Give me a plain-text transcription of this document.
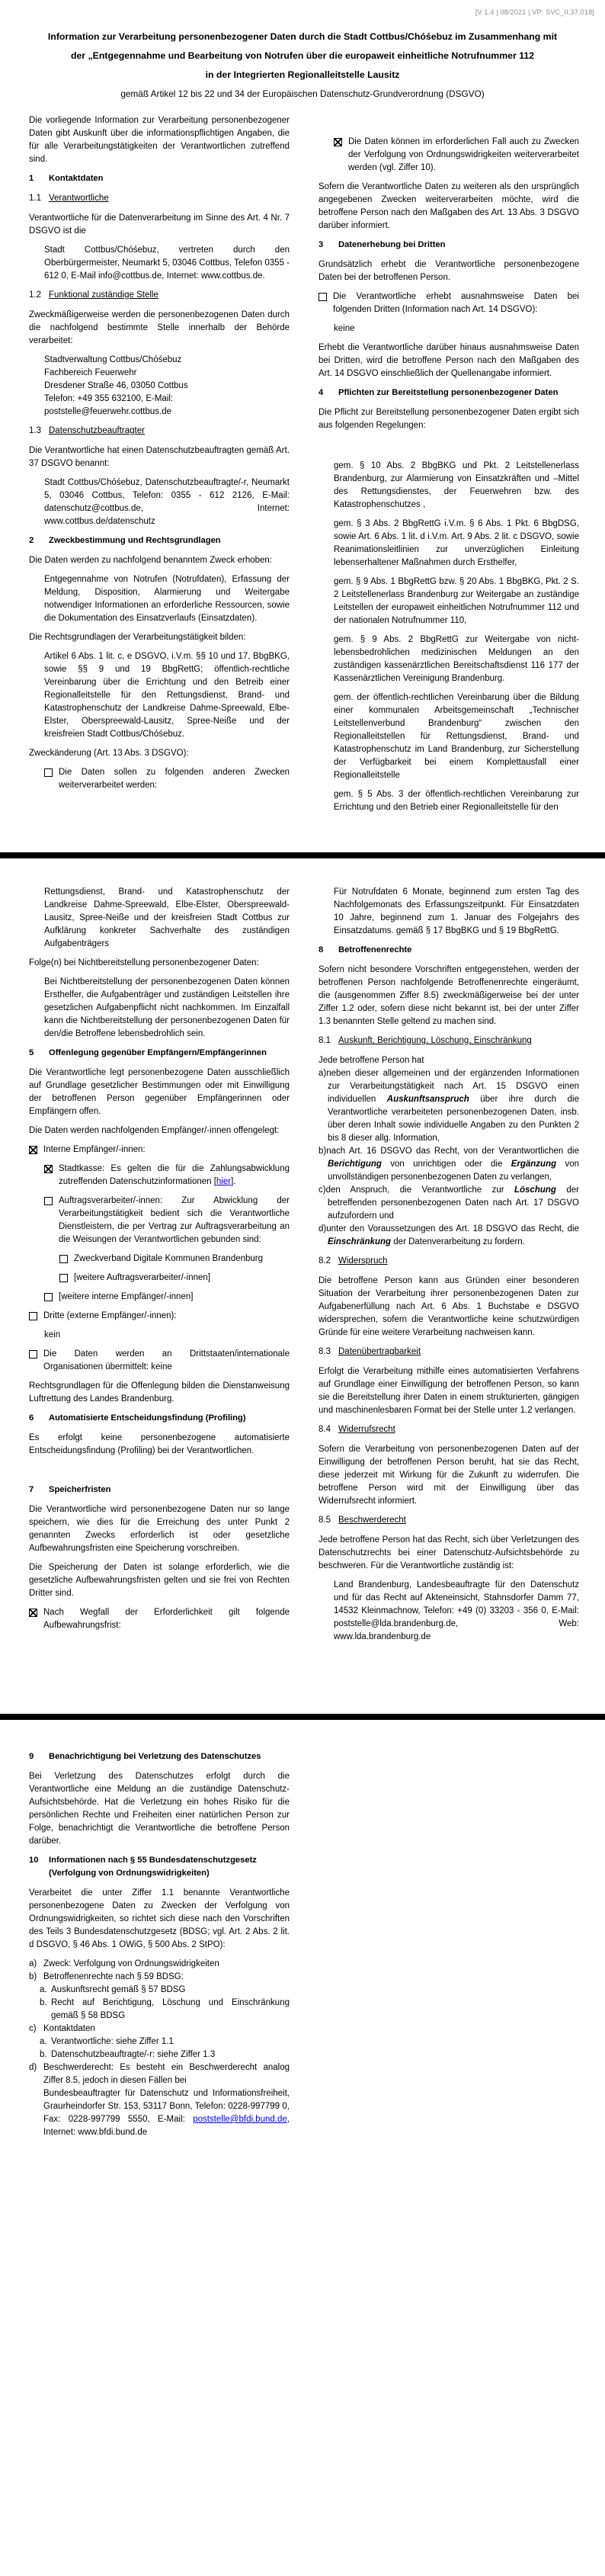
[V 1.4 | 08/2021 | VP: SVC_II.37.018]
Information zur Verarbeitung personenbezogener Daten durch die Stadt Cottbus/Chóśebuz im Zusammenhang mit
der „Entgegennahme und Bearbeitung von Notrufen über die europaweit einheitliche Notrufnummer 112
in der Integrierten Regionalleitstelle Lausitz
gemäß Artikel 12 bis 22 und 34 der Europäischen Datenschutz-Grundverordnung (DSGVO)

Die vorliegende Information zur Verarbeitung personenbezogener Daten gibt Auskunft über die informationspflichtigen Angaben, die für alle Verarbeitungstätigkeiten der Verantwortlichen zutreffend sind.

1	Kontaktdaten
1.1 Verantwortliche

Verantwortliche für die Datenverarbeitung im Sinne des Art. 4 Nr. 7 DSGVO ist die

Stadt Cottbus/Chóśebuz, vertreten durch den Oberbürgermeister, Neumarkt 5, 03046 Cottbus, Telefon 0355 - 612 0, E-Mail info@cottbus.de, Internet: www.cottbus.de.

1.2 Funktional zuständige Stelle

Zweckmäßigerweise werden die personenbezogenen Daten durch die nachfolgend bestimmte Stelle innerhalb der Behörde verarbeitet:

Stadtverwaltung Cottbus/Chóśebuz
Fachbereich Feuerwehr
Dresdener Straße 46, 03050 Cottbus
Telefon: +49 355 632100, E-Mail: poststelle@feuerwehr.cottbus.de
1.3 Datenschutzbeauftragter

Die Verantwortliche hat einen Datenschutzbeauftragten gemäß Art. 37 DSGVO benannt:

Stadt Cottbus/Chóśebuz, Datenschutzbeauftragte/-r, Neumarkt 5, 03046 Cottbus, Telefon: 0355 - 612 2126, E-Mail: datenschutz@cottbus.de, Internet: www.cottbus.de/datenschutz

2	Zweckbestimmung und Rechtsgrundlagen

Die Daten werden zu nachfolgend benanntem Zweck erhoben:

Entgegennahme von Notrufen (Notrufdaten), Erfassung der Meldung, Disposition, Alarmierung und Weitergabe notwendiger Informationen an erforderliche Ressourcen, sowie die Dokumentation des Einsatzverlaufs (Einsatzdaten).

Die Rechtsgrundlagen der Verarbeitungstätigkeit bilden:

Artikel 6 Abs. 1 lit. c, e DSGVO, i.V.m. §§ 10 und 17, BbgBKG, sowie §§ 9 und 19 BbgRettG; öffentlich-rechtliche Vereinbarung über die Errichtung und den Betreib einer Regionalleitstelle für den Rettungsdienst, Brand- und Katastrophenschutz der Landkreise Dahme-Spreewald, Elbe-Elster, Oberspreewald-Lausitz, Spree-Neiße und der kreisfreien Stadt Cottbus/Chóśebuz.

Zweckänderung (Art. 13 Abs. 3 DSGVO):

Die Daten sollen zu folgenden anderen Zwecken weiterverarbeitet werden:
Die Daten können im erforderlichen Fall auch zu Zwecken der Verfolgung von Ordnungswidrigkeiten weiterverarbeitet werden (vgl. Ziffer 10).

Sofern die Verantwortliche Daten zu weiteren als den ursprünglich angegebenen Zwecken weiterverarbeiten möchte, wird die betroffene Person nach den Maßgaben des Art. 13 Abs. 3 DSGVO darüber informiert.

3	Datenerhebung bei Dritten

Grundsätzlich erhebt die Verantwortliche personenbezogene Daten bei der betroffenen Person.

Die Verantwortliche erhebt ausnahmsweise Daten bei folgenden Dritten (Information nach Art. 14 DSGVO):

keine

Erhebt die Verantwortliche darüber hinaus ausnahmsweise Daten bei Dritten, wird die betroffene Person nach den Maßgaben des Art. 14 DSGVO einschließlich der Quellenangabe informiert.

4	Pflichten zur Bereitstellung personenbezogener Daten

Die Pflicht zur Bereitstellung personenbezogener Daten ergibt sich aus folgenden Regelungen:

gem. § 10 Abs. 2 BbgBKG und Pkt. 2 Leitstellenerlass Brandenburg, zur Alarmierung von Einsatzkräften und –Mittel des Rettungsdienstes, der Feuerwehren bzw. des Katastrophenschutzes ,

gem. § 3 Abs. 2 BbgRettG i.V.m. § 6 Abs. 1 Pkt. 6 BbgDSG, sowie Art. 6 Abs. 1 lit. d i.V.m. Art. 9 Abs. 2 lit. c DSGVO, sowie Reanimationsleitlinien zur unverzüglichen Einleitung lebenserhaltener Maßnahmen durch Ersthelfer,

gem. § 9 Abs. 1 BbgRettG bzw. § 20 Abs. 1 BbgBKG, Pkt. 2 S. 2 Leitstellenerlass Brandenburg zur Weitergabe an zuständige Leitstellen der europaweit einheitlichen Notrufnummer 112 und der nationalen Notrufnummer 110,

gem. § 9 Abs. 2 BbgRettG zur Weitergabe von nicht-lebensbedrohlichen medizinischen Meldungen an den zuständigen kassenärztlichen Bereitschaftsdienst 116 177 der Kassenärztlichen Vereinigung Brandenburg.

gem. der öffentlich-rechtlichen Vereinbarung über die Bildung einer kommunalen Arbeitsgemeinschaft „Technischer Leitstellenverbund Brandenburg“ zwischen den Regionalleitstellen für Rettungsdienst, Brand- und Katastrophenschutz im Land Brandenburg, zur Sicherstellung der Verfügbarkeit bei einem Komplettausfall einer Regionalleitstelle

gem. § 5 Abs. 3 der öffentlich-rechtlichen Vereinbarung zur Errichtung und den Betrieb einer Regionalleitstelle für den

Rettungsdienst, Brand- und Katastrophenschutz der Landkreise Dahme-Spreewald, Elbe-Elster, Oberspreewald-Lausitz, Spree-Neiße und der kreisfreien Stadt Cottbus zur Aufklärung konkreter Sachverhalte des zuständigen Aufgabenträgers

Folge(n) bei Nichtbereitstellung personenbezogener Daten:

Bei Nichtbereitstellung der personenbezogenen Daten können Ersthelfer, die Aufgabenträger und zuständigen Leitstellen ihre gesetzlichen Aufgabenpflicht nicht nachkommen. Im Einzalfall kann die Nichtbereitstellung der personenbezogenen Daten für den/die Betroffene lebensbedrohlich sein.

5	Offenlegung gegenüber Empfängern/Empfängerinnen

Die Verantwortliche legt personenbezogene Daten ausschließlich auf Grundlage gesetzlicher Bestimmungen oder mit Einwilligung der betroffenen Person gegenüber Empfängerinnen oder Empfängern offen.

Die Daten werden nachfolgenden Empfänger/-innen offengelegt:

Interne Empfänger/-innen:
Stadtkasse: Es gelten die für die Zahlungsabwicklung zutreffenden Datenschutzinformationen [hier].
Auftragsverarbeiter/-innen: Zur Abwicklung der Verarbeitungstätigkeit bedient sich die Verantwortliche Dienstleistern, die per Vertrag zur Auftragsverarbeitung an die Weisungen der Verantwortlichen gebunden sind:
Zweckverband Digitale Kommunen Brandenburg
[weitere Auftragsverarbeiter/-innen]
[weitere interne Empfänger/-innen]
Dritte (externe Empfänger/-innen):

kein

Die Daten werden an Drittstaaten/internationale Organisationen übermittelt: keine

Rechtsgrundlagen für die Offenlegung bilden die Dienstanweisung Luftrettung des Landes Brandenburg.

6	Automatisierte Entscheidungsfindung (Profiling)

Es erfolgt keine personenbezogene automatisierte Entscheidungsfindung (Profiling) bei der Verantwortlichen.

7	Speicherfristen

Die Verantwortliche wird personenbezogene Daten nur so lange speichern, wie dies für die Erreichung des unter Punkt 2 genannten Zwecks erforderlich ist oder gesetzliche Aufbewahrungsfristen eine Speicherung vorschreiben.

Die Speicherung der Daten ist solange erforderlich, wie die gesetzliche Aufbewahrungsfristen gelten und sie frei von Rechten Dritter sind.

Nach Wegfall der Erforderlichkeit gilt folgende Aufbewahrungsfrist:

Für Notrufdaten 6 Monate, beginnend zum ersten Tag des Nachfolgemonats des Erfassungszeitpunkt. Für Einsatzdaten 10 Jahre, beginnend zum 1. Januar des Folgejahrs des Einsatzdatums. gemäß § 17 BbgBKG und § 19 BbgRettG.

8	Betroffenenrechte

Sofern nicht besondere Vorschriften entgegenstehen, werden der betroffenen Person nachfolgende Betroffenenrechte eingeräumt, die (ausgenommen Ziffer 8.5) zweckmäßigerweise bei der unter Ziffer 1.2 oder, sofern diese nicht bekannt ist, bei der unter Ziffer 1.3 benannten Stelle geltend zu machen sind.

8.1 Auskunft, Berichtigung, Löschung, Einschränkung

Jede betroffene Person hat

a)neben dieser allgemeinen und der ergänzenden Informationen zur Verarbeitungstätigkeit nach Art. 15 DSGVO einen individuellen Auskunftsanspruch über ihre durch die Verantwortliche verarbeiteten personenbezogenen Daten, insb. über deren Inhalt sowie individuelle Angaben zu den Punkten 2 bis 8 dieser allg. Information,

b)nach Art. 16 DSGVO das Recht, von der Verantwortlichen die Berichtigung von unrichtigen oder die Ergänzung von unvollständigen personenbezogenen Daten zu verlangen,

c)den Anspruch, die Verantwortliche zur Löschung der betreffenden personenbezogenen Daten nach Art. 17 DSGVO aufzufordern und

d)unter den Voraussetzungen des Art. 18 DSGVO das Recht, die Einschränkung der Datenverarbeitung zu fordern.

8.2 Widerspruch

Die betroffene Person kann aus Gründen einer besonderen Situation der Verarbeitung ihrer personenbezogenen Daten zur Aufgabenerfüllung nach Art. 6 Abs. 1 Buchstabe e DSGVO widersprechen, sofern die Verantwortliche keine schutzwürdigen Gründe für eine weitere Verarbeitung nachweisen kann.

8.3 Datenübertragbarkeit

Erfolgt die Verarbeitung mithilfe eines automatisierten Verfahrens auf Grundlage einer Einwilligung der betroffenen Person, so kann sie die Bereitstellung ihrer Daten in einem strukturierten, gängigen und maschinenlesbaren Format bei der Stelle unter 1.2 verlangen.

8.4 Widerrufsrecht

Sofern die Verarbeitung von personenbezogenen Daten auf der Einwilligung der betroffenen Person beruht, hat sie das Recht, diese jederzeit mit Wirkung für die Zukunft zu widerrufen. Die betroffene Person wird mit der Einwilligung über das Widerrufsrecht informiert.

8.5 Beschwerderecht

Jede betroffene Person hat das Recht, sich über Verletzungen des Datenschutzrechts bei einer Datenschutz-Aufsichtsbehörde zu beschweren. Für die Verantwortliche zuständig ist:

Land Brandenburg, Landesbeauftragte für den Datenschutz und für das Recht auf Akteneinsicht, Stahnsdorfer Damm 77, 14532 Kleinmachnow, Telefon: +49 (0) 33203 - 356 0, E-Mail: poststelle@lda.brandenburg.de, Web: www.lda.brandenburg.de

9	Benachrichtigung bei Verletzung des Datenschutzes

Bei Verletzung des Datenschutzes erfolgt durch die Verantwortliche eine Meldung an die zuständige Datenschutz-Aufsichtsbehörde. Hat die Verletzung ein hohes Risiko für die persönlichen Rechte und Freiheiten einer natürlichen Person zur Folge, benachrichtigt die Verantwortliche die betroffene Person darüber.

10	Informationen nach § 55 Bundesdatenschutzgesetz (Verfolgung von Ordnungswidrigkeiten)

Verarbeitet die unter Ziffer 1.1 benannte Verantwortliche personenbezogene Daten zu Zwecken der Verfolgung von Ordnungswidrigkeiten, so richtet sich diese nach den Vorschriften des Teils 3 Bundesdatenschutzgesetz (BDSG; vgl. Art. 2 Abs. 2 lit. d DSGVO, § 46 Abs. 1 OWiG, § 500 Abs. 2 StPO):

a) Zweck: Verfolgung von Ordnungswidrigkeiten
b) Betroffenenrechte nach § 59 BDSG:
a. Auskunftsrecht gemäß § 57 BDSG
b. Recht auf Berichtigung, Löschung und Einschränkung gemäß § 58 BDSG
c) Kontaktdaten
a. Verantwortliche: siehe Ziffer 1.1
b. Datenschutzbeauftragte/-r: siehe Ziffer 1.3
d) Beschwerderecht: Es besteht ein Beschwerderecht analog Ziffer 8.5, jedoch in diesen Fällen bei
Bundesbeauftragter für Datenschutz und Informationsfreiheit, Graurheindorfer Str. 153, 53117 Bonn, Telefon: 0228-997799 0, Fax: 0228-997799 5550, E-Mail: poststelle@bfdi.bund.de, Internet: www.bfdi.bund.de
